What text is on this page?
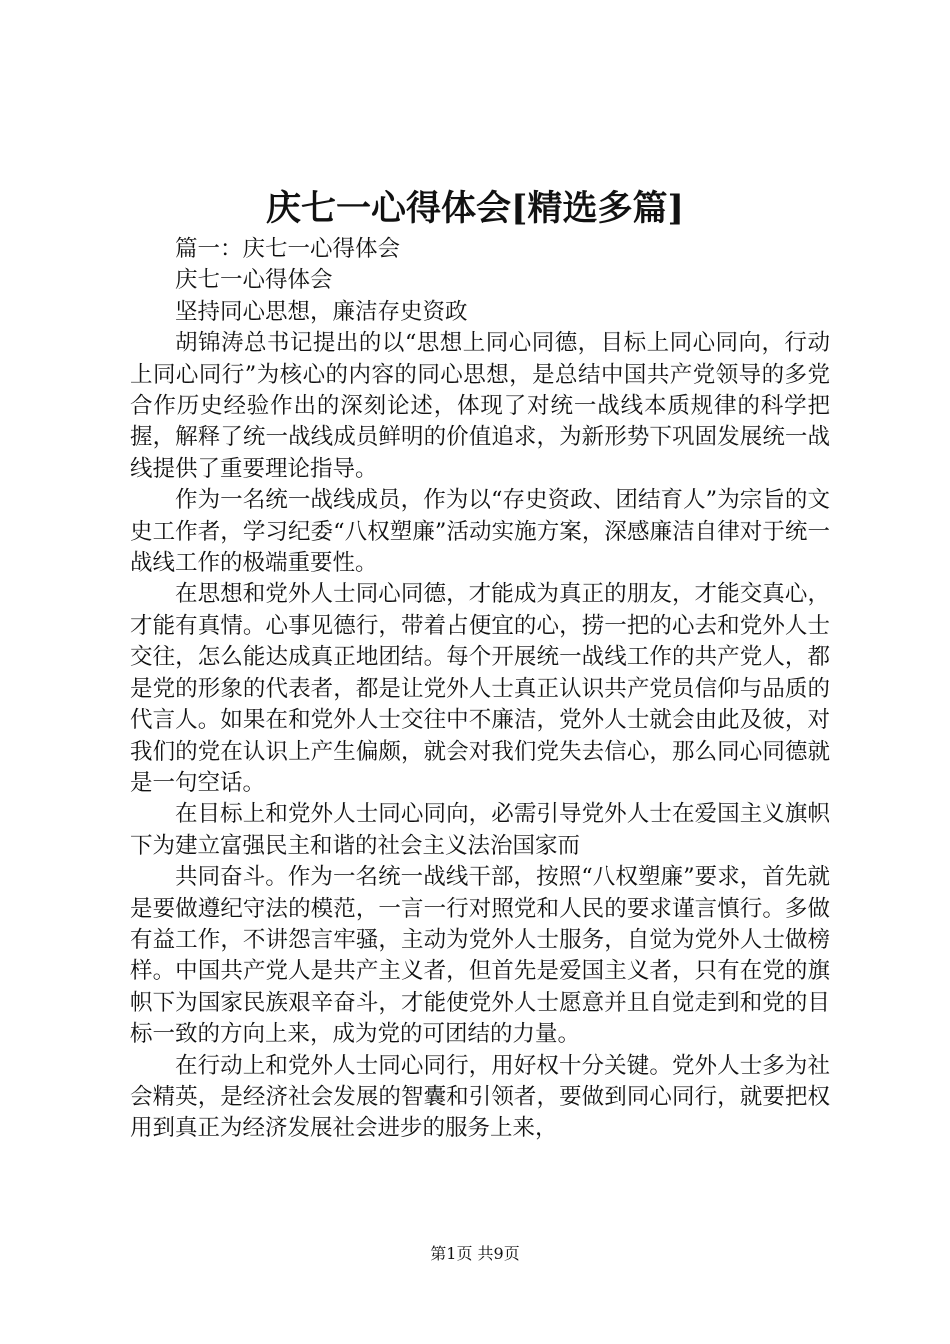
庆七一心得体会[精选多篇]

篇一：庆七一心得体会

庆七一心得体会

坚持同心思想，廉洁存史资政

胡锦涛总书记提出的以“思想上同心同德，目标上同心同向，行动上同心同行”为核心的内容的同心思想，是总结中国共产党领导的多党合作历史经验作出的深刻论述，体现了对统一战线本质规律的科学把握，解释了统一战线成员鲜明的价值追求，为新形势下巩固发展统一战线提供了重要理论指导。

作为一名统一战线成员，作为以“存史资政、团结育人”为宗旨的文史工作者，学习纪委“八权塑廉”活动实施方案，深感廉洁自律对于统一战线工作的极端重要性。

在思想和党外人士同心同德，才能成为真正的朋友，才能交真心，才能有真情。心事见德行，带着占便宜的心，捞一把的心去和党外人士交往，怎么能达成真正地团结。每个开展统一战线工作的共产党人，都是党的形象的代表者，都是让党外人士真正认识共产党员信仰与品质的代言人。如果在和党外人士交往中不廉洁，党外人士就会由此及彼，对我们的党在认识上产生偏颇，就会对我们党失去信心，那么同心同德就是一句空话。

在目标上和党外人士同心同向，必需引导党外人士在爱国主义旗帜下为建立富强民主和谐的社会主义法治国家而

共同奋斗。作为一名统一战线干部，按照“八权塑廉”要求，首先就是要做遵纪守法的模范，一言一行对照党和人民的要求谨言慎行。多做有益工作，不讲怨言牢骚，主动为党外人士服务，自觉为党外人士做榜样。中国共产党人是共产主义者，但首先是爱国主义者，只有在党的旗帜下为国家民族艰辛奋斗，才能使党外人士愿意并且自觉走到和党的目标一致的方向上来，成为党的可团结的力量。

在行动上和党外人士同心同行，用好权十分关键。党外人士多为社会精英，是经济社会发展的智囊和引领者，要做到同心同行，就要把权用到真正为经济发展社会进步的服务上来，

第1页 共9页
